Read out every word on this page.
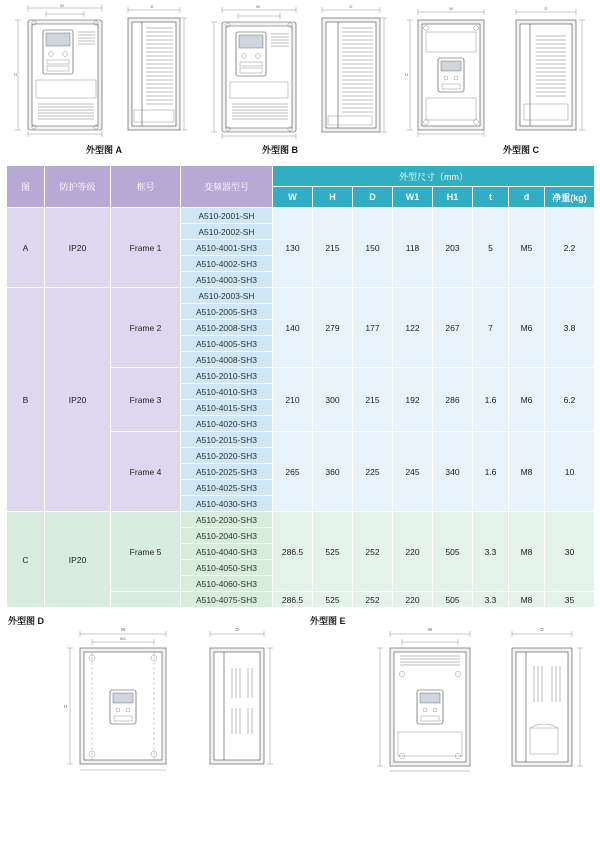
W
H
D	W	D	W
H
D
外型图 A	外型图 B	外型图 C
图	防护等级	框号	变频器型号	外型尺寸（mm）							
				W	H	D	W1	H1	t	d	净重(kg)
A	IP20	Frame 1	A510-2001-SH	130	215	150	118	203	5	M5	2.2
			A510-2002-SH								
			A510-4001-SH3								
			A510-4002-SH3								
			A510-4003-SH3								
B	IP20	Frame 2	A510-2003-SH	140	279	177	122	267	7	M6	3.8
			A510-2005-SH3								
			A510-2008-SH3								
			A510-4005-SH3								
			A510-4008-SH3								
		Frame 3	A510-2010-SH3	210	300	215	192	286	1.6	M6	6.2
			A510-4010-SH3								
			A510-4015-SH3								
			A510-4020-SH3								
		Frame 4	A510-2015-SH3	265	360	225	245	340	1.6	M8	10
			A510-2020-SH3								
			A510-2025-SH3								
			A510-4025-SH3								
			A510-4030-SH3								
C	IP20	Frame 5	A510-2030-SH3	286.5	525	252	220	505	3.3	M8	30
			A510-2040-SH3								
			A510-4040-SH3								
			A510-4050-SH3								
			A510-4060-SH3								
			A510-4075-SH3	286.5	525	252	220	505	3.3	M8	35
外型图 D	外型图 E
W
W1
H
D	W	D
